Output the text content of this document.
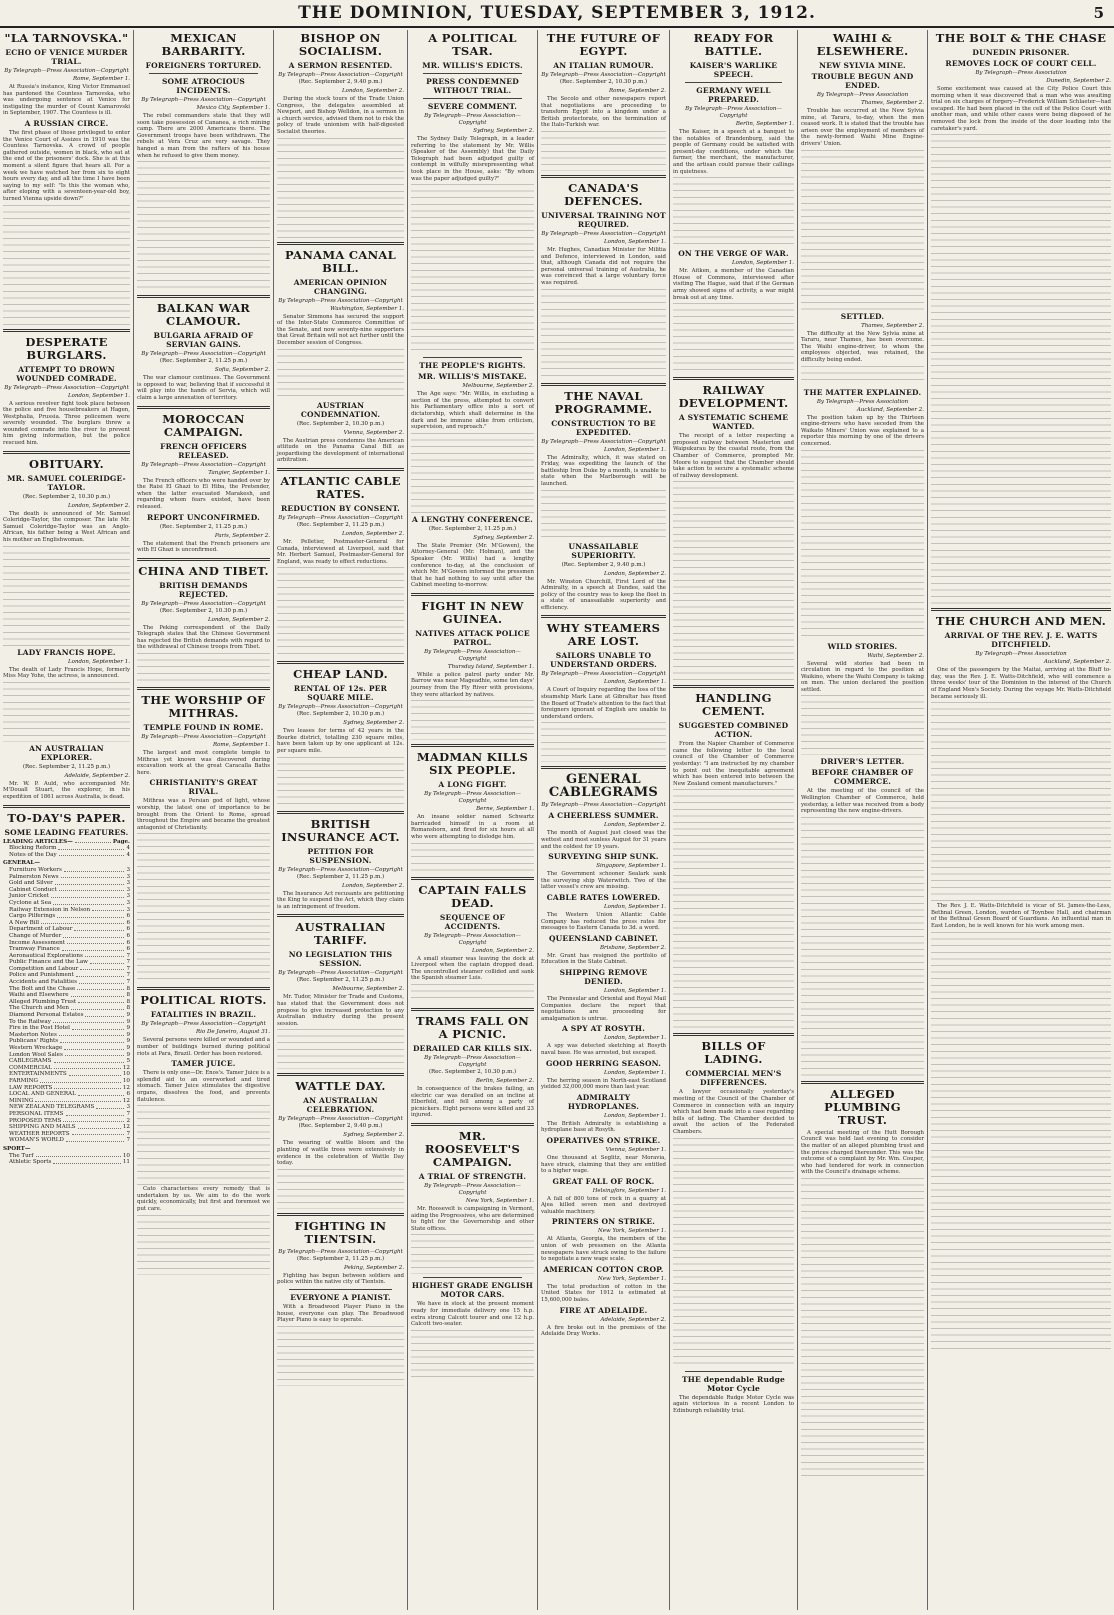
THE DOMINION, TUESDAY, SEPTEMBER 3, 1912.	5
"LA TARNOVSKA."
ECHO OF VENICE MURDER TRIAL.
By Telegraph—Press Association—Copyright
Rome, September 1.

At Russia's instance, King Victor Emmanuel has pardoned the Countess Tarnovska, who was undergoing sentence at Venice for instigating the murder of Count Kamarovski in September, 1907. The Countess is ill.

A RUSSIAN CIRCE.

The first phase of those privileged to enter the Venice Court of Assizes in 1910 was the Countess Tarnovska. A crowd of people gathered outside, women in black, who sat at the end of the prisoners' dock. She is at this moment a silent figure that hears all. For a week we have watched her from six to eight hours every day, and all the time I have been saying to my self: "Is this the woman who, after eloping with a seventeen-year-old boy, turned Vienna upside down?"

DESPERATE BURGLARS.
ATTEMPT TO DROWN WOUNDED COMRADE.
By Telegraph—Press Association—Copyright
London, September 1.

A serious revolver fight took place between the police and five housebreakers at Hagen, Westphalia, Prussia. Three policemen were severely wounded. The burglars threw a wounded comrade into the river to prevent him giving information, but the police rescued him.

OBITUARY.
MR. SAMUEL COLERIDGE-TAYLOR.
(Rec. September 2, 10.30 p.m.)
London, September 2.

The death is announced of Mr. Samuel Coleridge-Taylor, the composer. The late Mr. Samuel Coleridge-Taylor was an Anglo-African, his father being a West African and his mother an Englishwoman.

LADY FRANCIS HOPE.
London, September 1.

The death of Lady Francis Hope, formerly Miss May Yohe, the actress, is announced.

AN AUSTRALIAN EXPLORER.
(Rec. September 2, 11.25 p.m.)
Adelaide, September 2.

Mr. W. P. Auld, who accompanied Mr. M'Douall Stuart, the explorer, in his expedition of 1861 across Australia, is dead.

TO-DAY'S PAPER.
SOME LEADING FEATURES.
LEADING ARTICLES—	Page.
Blocking Reform	4
Notes of the Day	4
GENERAL—
Furniture Workers	3
Palmerston News	3
Gold and Silver	3
Cabinet Conduct	3
Junior Cricket	3
Cyclone at Sea	3
Railway Extension in Nelson	3
Cargo Pilferings	6
A New Bill	6
Department of Labour	6
Change of Murder	6
Income Assessment	6
Tramway Finance	6
Aeronautical Explorations	7
Public Finance and the Law	7
Competition and Labour	7
Police and Punishment	7
Accidents and Fatalities	7
The Bolt and the Chase	8
Waihi and Elsewhere	8
Alleged Plumbing Trust	8
The Church and Men	8
Diamond Personal Estates	9
To the Railway	9
Fire in the Post Hotel	9
Masterton Notes	9
Publicans' Rights	9
Western Wreckage	9
London Wool Sales	9
CABLEGRAMS	5
COMMERCIAL	12
ENTERTAINMENTS	10
FARMING	10
LAW REPORTS	12
LOCAL AND GENERAL	6
MINING	12
NEW ZEALAND TELEGRAMS	3
PERSONAL ITEMS	7
PROPOSED TEMS	2
SHIPPING AND MAILS	12
WEATHER REPORTS	7
WOMAN'S WORLD	7
SPORT—
The Turf	10
Athletic Sports	11
MEXICAN BARBARITY.
FOREIGNERS TORTURED.
SOME ATROCIOUS INCIDENTS.
By Telegraph—Press Association—Copyright
Mexico City, September 1.

The rebel commanders state that they will soon take possession of Cananea, a rich mining camp. There are 2000 Americans there. The Government troops have been withdrawn. The rebels at Vera Cruz are very savage. They hanged a man from the rafters of his house when he refused to give them money.

BALKAN WAR CLAMOUR.
BULGARIA AFRAID OF SERVIAN GAINS.
By Telegraph—Press Association—Copyright
(Rec. September 2, 11.25 p.m.)
Sofia, September 2.

The war clamour continues. The Government is opposed to war, believing that if successful it will play into the hands of Servia, which will claim a large annexation of territory.

MOROCCAN CAMPAIGN.
FRENCH OFFICERS RELEASED.
By Telegraph—Press Association—Copyright
Tangier, September 1.

The French officers who were handed over by the Raisi El Ghazi to El Hiba, the Pretender, when the latter evacuated Marakesh, and regarding whom fears existed, have been released.

REPORT UNCONFIRMED.
(Rec. September 2, 11.25 p.m.)
Paris, September 2.

The statement that the French prisoners are with El Ghazi is unconfirmed.

CHINA AND TIBET.
BRITISH DEMANDS REJECTED.
By Telegraph—Press Association—Copyright
(Rec. September 2, 10.30 p.m.)
London, September 2.

The Peking correspondent of the Daily Telegraph states that the Chinese Government has rejected the British demands with regard to the withdrawal of Chinese troops from Tibet.

THE WORSHIP OF MITHRAS.
TEMPLE FOUND IN ROME.
By Telegraph—Press Association—Copyright
Rome, September 1.

The largest and most complete temple to Mithras yet known was discovered during excavation work at the great Caracalla Baths here.

CHRISTIANITY'S GREAT RIVAL.

Mithras was a Persian god of light, whose worship, the latest one of importance to be brought from the Orient to Rome, spread throughout the Empire and became the greatest antagonist of Christianity.

POLITICAL RIOTS.
FATALITIES IN BRAZIL.
By Telegraph—Press Association—Copyright
Rio De Janeiro, August 31.

Several persons were killed or wounded and a number of buildings burned during political riots at Para, Brazil. Order has been restored.

TAMER JUICE.

There is only one—Dr. Enos's. Tamer Juice is a splendid aid to an overworked and tired stomach. Tamer Juice stimulates the digestive organs, dissolves the food, and prevents flatulence.

Cato characterises every remedy that is undertaken by us. We aim to do the work quickly, economically, but first and foremost we put care.

BISHOP ON SOCIALISM.
A SERMON RESENTED.
By Telegraph—Press Association—Copyright
(Rec. September 2, 9.40 p.m.)
London, September 2.

During the stock tours of the Trade Union Congress, the delegates assembled at Newport, and Bishop Welldon, in a sermon in a church service, advised them not to risk the policy of trade unionism with half-digested Socialist theories.

PANAMA CANAL BILL.
AMERICAN OPINION CHANGING.
By Telegraph—Press Association—Copyright
Washington, September 1.

Senator Simmons has secured the support of the Inter-State Commerce Committee of the Senate, and now seventy-nine supporters that Great Britain will not act further until the December session of Congress.

AUSTRIAN CONDEMNATION.
(Rec. September 2, 10.30 p.m.)
Vienna, September 2.

The Austrian press condemns the American attitude on the Panama Canal Bill as jeopardising the development of international arbitration.

ATLANTIC CABLE RATES.
REDUCTION BY CONSENT.
By Telegraph—Press Association—Copyright
(Rec. September 2, 11.25 p.m.)
London, September 2.

Mr. Pelletier, Postmaster-General for Canada, interviewed at Liverpool, said that Mr. Herbert Samuel, Postmaster-General for England, was ready to effect reductions.

CHEAP LAND.
RENTAL OF 12s. PER SQUARE MILE.
By Telegraph—Press Association—Copyright
(Rec. September 2, 10.30 p.m.)
Sydney, September 2.

Two leases for terms of 42 years in the Bourke district, totalling 230 square miles, have been taken up by one applicant at 12s. per square mile.

BRITISH INSURANCE ACT.
PETITION FOR SUSPENSION.
By Telegraph—Press Association—Copyright
(Rec. September 2, 11.25 p.m.)
London, September 2.

The Insurance Act recusants are petitioning the King to suspend the Act, which they claim is an infringement of freedom.

AUSTRALIAN TARIFF.
NO LEGISLATION THIS SESSION.
By Telegraph—Press Association—Copyright
(Rec. September 2, 11.25 p.m.)
Melbourne, September 2.

Mr. Tudor, Minister for Trade and Customs, has stated that the Government does not propose to give increased protection to any Australian industry during the present session.

WATTLE DAY.
AN AUSTRALIAN CELEBRATION.
By Telegraph—Press Association—Copyright
(Rec. September 2, 9.40 p.m.)
Sydney, September 2.

The wearing of wattle bloom and the planting of wattle trees were extensively in evidence in the celebration of Wattle Day today.

FIGHTING IN TIENTSIN.
By Telegraph—Press Association—Copyright
(Rec. September 2, 11.25 p.m.)
Peking, September 2.

Fighting has begun between soldiers and police within the native city of Tientsin.

EVERYONE A PIANIST.

With a Broadwood Player Piano in the house, everyone can play. The Broadwood Player Piano is easy to operate.

A POLITICAL TSAR.
MR. WILLIS'S EDICTS.
PRESS CONDEMNED WITHOUT TRIAL.
SEVERE COMMENT.
By Telegraph—Press Association—Copyright
Sydney, September 2.

The Sydney Daily Telegraph, in a leader referring to the statement by Mr. Willis (Speaker of the Assembly) that the Daily Telegraph had been adjudged guilty of contempt in wilfully misrepresenting what took place in the House, asks: "By whom was the paper adjudged guilty?"

THE PEOPLE'S RIGHTS.
MR. WILLIS'S MISTAKE.
Melbourne, September 2.

The Age says: "Mr. Willis, in excluding a section of the press, attempted to convert his Parliamentary office into a sort of dictatorship, which shall determine in the dark and be immune alike from criticism, supervision, and reproach."

A LENGTHY CONFERENCE.
(Rec. September 2, 11.25 p.m.)
Sydney, September 2.

The State Premier (Mr. M'Gowen), the Attorney-General (Mr. Holman), and the Speaker (Mr. Willis) had a lengthy conference to-day, at the conclusion of which Mr. M'Gowen informed the pressmen that he had nothing to say until after the Cabinet meeting to-morrow.

FIGHT IN NEW GUINEA.
NATIVES ATTACK POLICE PATROL.
By Telegraph—Press Association—Copyright
Thursday Island, September 1.

While a police patrol party under Mr. Barrow was near Mageadhie, some ten days' journey from the Fly River with provisions, they were attacked by natives.

MADMAN KILLS SIX PEOPLE.
A LONG FIGHT.
By Telegraph—Press Association—Copyright
Berne, September 1.

An insane soldier named Schwartz barricaded himself in a room at Romanshorn, and fired for six hours at all who were attempting to dislodge him.

CAPTAIN FALLS DEAD.
SEQUENCE OF ACCIDENTS.
By Telegraph—Press Association—Copyright
London, September 2.

A small steamer was leaving the dock at Liverpool when the captain dropped dead. The uncontrolled steamer collided and sank the Spanish steamer Luis.

TRAMS FALL ON A PICNIC.
DERAILED CAR KILLS SIX.
By Telegraph—Press Association—Copyright
(Rec. September 2, 10.30 p.m.)
Berlin, September 2.

In consequence of the brakes failing, an electric car was derailed on an incline at Elberfeld, and fell among a party of picnickers. Eight persons were killed and 23 injured.

MR. ROOSEVELT'S CAMPAIGN.
A TRIAL OF STRENGTH.
By Telegraph—Press Association—Copyright
New York, September 1.

Mr. Roosevelt is campaigning in Vermont, aiding the Progressives, who are determined to fight for the Governorship and other State offices.

HIGHEST GRADE ENGLISH MOTOR CARS.

We have in stock at the present moment ready for immediate delivery one 15 h.p. extra strong Calcott tourer and one 12 h.p. Calcott two-seater.

THE FUTURE OF EGYPT.
AN ITALIAN RUMOUR.
By Telegraph—Press Association—Copyright
(Rec. September 2, 10.30 p.m.)
Rome, September 2.

The Secolo and other newspapers report that negotiations are proceeding to transform Egypt into a kingdom under a British protectorate, on the termination of the Italo-Turkish war.

CANADA'S DEFENCES.
UNIVERSAL TRAINING NOT REQUIRED.
By Telegraph—Press Association—Copyright
London, September 1.

Mr. Hughes, Canadian Minister for Militia and Defence, interviewed in London, said that, although Canada did not require the personal universal training of Australia, he was convinced that a large voluntary force was required.

THE NAVAL PROGRAMME.
CONSTRUCTION TO BE EXPEDITED.
By Telegraph—Press Association—Copyright
London, September 1.

The Admiralty, which, it was stated on Friday, was expediting the launch of the battleship Iron Duke by a month, is unable to state when the Marlborough will be launched.

UNASSAILABLE SUPERIORITY.
(Rec. September 2, 9.40 p.m.)
London, September 2.

Mr. Winston Churchill, First Lord of the Admiralty, in a speech at Dundee, said the policy of the country was to keep the fleet in a state of unassailable superiority and efficiency.

WHY STEAMERS ARE LOST.
SAILORS UNABLE TO UNDERSTAND ORDERS.
By Telegraph—Press Association—Copyright
London, September 1.

A Court of Inquiry regarding the loss of the steamship Mark Lane at Gibraltar has fixed the Board of Trade's attention to the fact that foreigners ignorant of English are unable to understand orders.

GENERAL CABLEGRAMS
By Telegraph—Press Association—Copyright
A CHEERLESS SUMMER.
London, September 2.

The month of August just closed was the wettest and most sunless August for 31 years and the coldest for 19 years.

SURVEYING SHIP SUNK.
Singapore, September 1.

The Government schooner Sealark sank the surveying ship Waterwitch. Two of the latter vessel's crew are missing.

CABLE RATES LOWERED.
London, September 1.

The Western Union Atlantic Cable Company has reduced the press rates for messages to Eastern Canada to 3d. a word.

QUEENSLAND CABINET.
Brisbane, September 2.

Mr. Grant has resigned the portfolio of Education in the State Cabinet.

SHIPPING REMOVE DENIED.
London, September 1.

The Pennsular and Oriental and Royal Mail Companies declare the report that negotiations are proceeding for amalgamation is untrue.

A SPY AT ROSYTH.
London, September 1.

A spy was detected sketching at Rosyth naval base. He was arrested, but escaped.

GOOD HERRING SEASON.
London, September 1.

The herring season in North-east Scotland yielded 32,000,000 more than last year.

ADMIRALTY HYDROPLANES.
London, September 1.

The British Admiralty is establishing a hydroplane base at Rosyth.

OPERATIVES ON STRIKE.
Vienna, September 1.

One thousand at Seglitz, near Moravia, have struck, claiming that they are entitled to a higher wage.

GREAT FALL OF ROCK.
Helsingfors, September 1.

A fall of 800 tons of rock in a quarry at Ajea killed seven men and destroyed valuable machinery.

PRINTERS ON STRIKE.
New York, September 1.

At Atlanta, Georgia, the members of the union of web pressmen on the Atlanta newspapers have struck owing to the failure to negotiate a new wage scale.

AMERICAN COTTON CROP.
New York, September 1.

The total production of cotton in the United States for 1912 is estimated at 15,600,000 bales.

FIRE AT ADELAIDE.
Adelaide, September 2.

A fire broke out in the premises of the Adelaide Dray Works.

READY FOR BATTLE.
KAISER'S WARLIKE SPEECH.
GERMANY WELL PREPARED.
By Telegraph—Press Association—Copyright
Berlin, September 1.

The Kaiser, in a speech at a banquet to the notables of Brandenburg, said the people of Germany could be satisfied with present-day conditions, under which the farmer, the merchant, the manufacturer, and the artisan could pursue their callings in quietness.

ON THE VERGE OF WAR.
London, September 1.

Mr. Aitken, a member of the Canadian House of Commons, interviewed after visiting The Hague, said that if the German army showed signs of activity, a war might break out at any time.

RAILWAY DEVELOPMENT.
A SYSTEMATIC SCHEME WANTED.

The receipt of a letter respecting a proposed railway between Masterton and Waipukurau by the coastal route, from the Chamber of Commerce, prompted Mr. Moore to suggest that the Chamber should take action to secure a systematic scheme of railway development.

HANDLING CEMENT.
SUGGESTED COMBINED ACTION.

From the Napier Chamber of Commerce came the following letter to the local council of the Chamber of Commerce yesterday: "I am instructed by my chamber to point out the inequitable agreement which has been entered into between the New Zealand cement manufacturers."

BILLS OF LADING.
COMMERCIAL MEN'S DIFFERENCES.

A lawyer occasionally yesterday's meeting of the Council of the Chamber of Commerce in connection with an inquiry which had been made into a case regarding bills of lading. The Chamber decided to await the action of the Federated Chambers.

THE dependable Rudge Motor Cycle

The dependable Rudge Motor Cycle was again victorious in a recent London to Edinburgh reliability trial.

WAIHI & ELSEWHERE.
NEW SYLVIA MINE.
TROUBLE BEGUN AND ENDED.
By Telegraph—Press Association
Thames, September 2.

Trouble has occurred at the New Sylvia mine, at Tararu, to-day, when the men ceased work. It is stated that the trouble has arisen over the employment of members of the newly-formed Waihi Mine Engine-drivers' Union.

SETTLED.
Thames, September 2.

The difficulty at the New Sylvia mine at Tararu, near Thames, has been overcome. The Waihi engine-driver, to whom the employees objected, was retained, the difficulty being ended.

THE MATTER EXPLAINED.
By Telegraph—Press Association
Auckland, September 2.

The position taken up by the Thirteen engine-drivers who have seceded from the Waikato Miners' Union was explained to a reporter this morning by one of the drivers concerned.

WILD STORIES.
Waihi, September 2.

Several wild stories had been in circulation in regard to the position at Waikino, where the Waihi Company is taking on men. The union declared the position settled.

DRIVER'S LETTER.
BEFORE CHAMBER OF COMMERCE.

At the meeting of the council of the Wellington Chamber of Commerce, held yesterday, a letter was received from a body representing the new engine-drivers.

ALLEGED PLUMBING TRUST.

A special meeting of the Hutt Borough Council was held last evening to consider the matter of an alleged plumbing trust and the prices charged thereunder. This was the outcome of a complaint by Mr. Wm. Couper, who had tendered for work in connection with the Council's drainage scheme.

THE BOLT & THE CHASE
DUNEDIN PRISONER.
REMOVES LOCK OF COURT CELL.
By Telegraph—Press Association
Dunedin, September 2.

Some excitement was caused at the City Police Court this morning when it was discovered that a man who was awaiting trial on six charges of forgery—Frederick William Schlaeter—had escaped. He had been placed in the cell of the Police Court with another man, and while other cases were being disposed of he removed the lock from the inside of the door leading into the caretaker's yard.

THE CHURCH AND MEN.
ARRIVAL OF THE REV. J. E. WATTS DITCHFIELD.
By Telegraph—Press Association
Auckland, September 2.

One of the passengers by the Maitai, arriving at the Bluff to-day, was the Rev. J. E. Watts-Ditchfield, who will commence a three weeks' tour of the Dominion in the interest of the Church of England Men's Society. During the voyage Mr. Watts-Ditchfield became seriously ill.

The Rev. J. E. Watts-Ditchfield is vicar of St. James-the-Less, Bethnal Green, London, warden of Toynbee Hall, and chairman of the Bethnal Green Board of Guardians. An influential man in East London, he is well known for his work among men.
